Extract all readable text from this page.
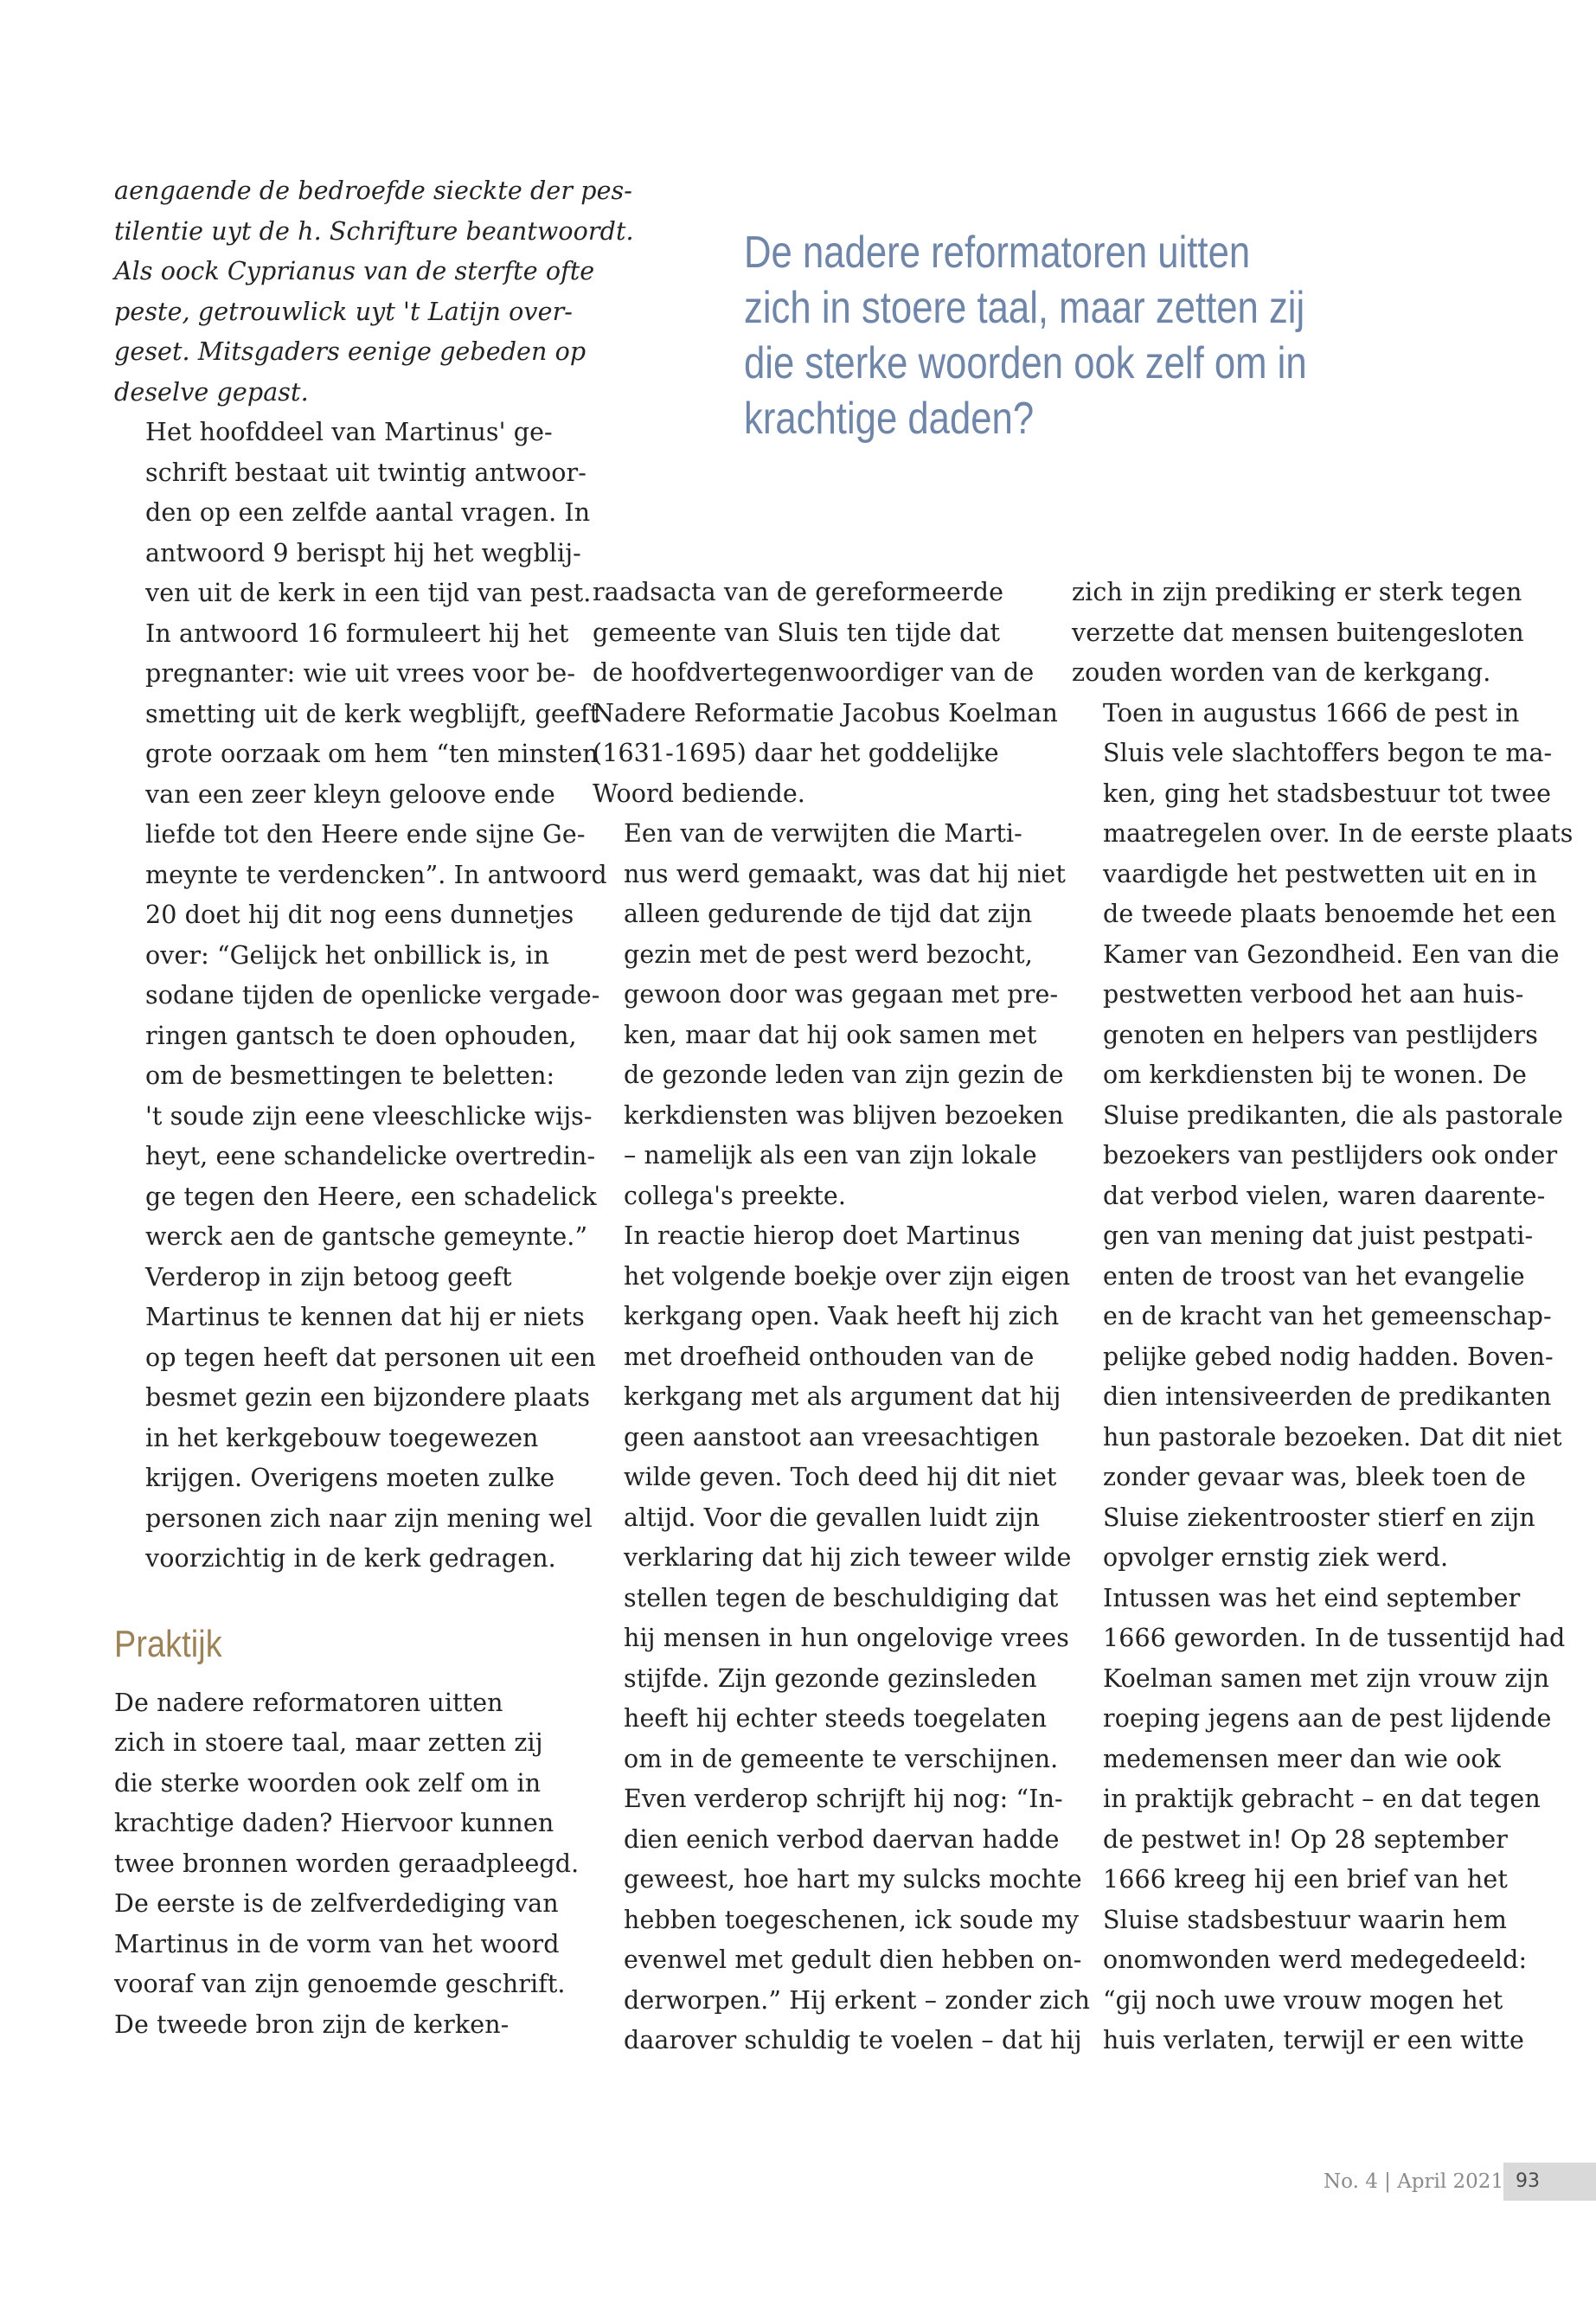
De nadere reformatoren uitten
zich in stoere taal, maar zetten zij
die sterke woorden ook zelf om in
krachtige daden?

aengaende de bedroefde sieckte der pes-
tilentie uyt de h. Schrifture beantwoordt.
Als oock Cyprianus van de sterfte ofte
peste, getrouwlick uyt 't Latijn over-
geset. Mitsgaders eenige gebeden op
deselve gepast.

Het hoofddeel van Martinus' ge-
schrift bestaat uit twintig antwoor-
den op een zelfde aantal vragen. In
antwoord 9 berispt hij het wegblij-
ven uit de kerk in een tijd van pest.
In antwoord 16 formuleert hij het
pregnanter: wie uit vrees voor be-
smetting uit de kerk wegblijft, geeft
grote oorzaak om hem “ten minsten
van een zeer kleyn geloove ende
liefde tot den Heere ende sijne Ge-
meynte te verdencken”. In antwoord
20 doet hij dit nog eens dunnetjes
over: “Gelijck het onbillick is, in
sodane tijden de openlicke vergade-
ringen gantsch te doen ophouden,
om de besmettingen te beletten:
't soude zijn eene vleeschlicke wijs-
heyt, eene schandelicke overtredin-
ge tegen den Heere, een schadelick
werck aen de gantsche gemeynte.”

Verderop in zijn betoog geeft
Martinus te kennen dat hij er niets
op tegen heeft dat personen uit een
besmet gezin een bijzondere plaats
in het kerkgebouw toegewezen
krijgen. Overigens moeten zulke
personen zich naar zijn mening wel
voorzichtig in de kerk gedragen.

Praktijk

De nadere reformatoren uitten
zich in stoere taal, maar zetten zij
die sterke woorden ook zelf om in
krachtige daden? Hiervoor kunnen
twee bronnen worden geraadpleegd.
De eerste is de zelfverdediging van
Martinus in de vorm van het woord
vooraf van zijn genoemde geschrift.
De tweede bron zijn de kerken-

raadsacta van de gereformeerde
gemeente van Sluis ten tijde dat
de hoofdvertegenwoordiger van de
Nadere Reformatie Jacobus Koelman
(1631-1695) daar het goddelijke
Woord bediende.

Een van de verwijten die Marti-
nus werd gemaakt, was dat hij niet
alleen gedurende de tijd dat zijn
gezin met de pest werd bezocht,
gewoon door was gegaan met pre-
ken, maar dat hij ook samen met
de gezonde leden van zijn gezin de
kerkdiensten was blijven bezoeken
– namelijk als een van zijn lokale
collega's preekte.

In reactie hierop doet Martinus
het volgende boekje over zijn eigen
kerkgang open. Vaak heeft hij zich
met droefheid onthouden van de
kerkgang met als argument dat hij
geen aanstoot aan vreesachtigen
wilde geven. Toch deed hij dit niet
altijd. Voor die gevallen luidt zijn
verklaring dat hij zich teweer wilde
stellen tegen de beschuldiging dat
hij mensen in hun ongelovige vrees
stijfde. Zijn gezonde gezinsleden
heeft hij echter steeds toegelaten
om in de gemeente te verschijnen.
Even verderop schrijft hij nog: “In-
dien eenich verbod daervan hadde
geweest, hoe hart my sulcks mochte
hebben toegeschenen, ick soude my
evenwel met gedult dien hebben on-
derworpen.” Hij erkent – zonder zich
daarover schuldig te voelen – dat hij

zich in zijn prediking er sterk tegen
verzette dat mensen buitengesloten
zouden worden van de kerkgang.

Toen in augustus 1666 de pest in
Sluis vele slachtoffers begon te ma-
ken, ging het stadsbestuur tot twee
maatregelen over. In de eerste plaats
vaardigde het pestwetten uit en in
de tweede plaats benoemde het een
Kamer van Gezondheid. Een van die
pestwetten verbood het aan huis-
genoten en helpers van pestlijders
om kerkdiensten bij te wonen. De
Sluise predikanten, die als pastorale
bezoekers van pestlijders ook onder
dat verbod vielen, waren daarente-
gen van mening dat juist pestpati-
enten de troost van het evangelie
en de kracht van het gemeenschap-
pelijke gebed nodig hadden. Boven-
dien intensiveerden de predikanten
hun pastorale bezoeken. Dat dit niet
zonder gevaar was, bleek toen de
Sluise ziekentrooster stierf en zijn
opvolger ernstig ziek werd.

Intussen was het eind september
1666 geworden. In de tussentijd had
Koelman samen met zijn vrouw zijn
roeping jegens aan de pest lijdende
medemensen meer dan wie ook
in praktijk gebracht – en dat tegen
de pestwet in! Op 28 september
1666 kreeg hij een brief van het
Sluise stadsbestuur waarin hem
onomwonden werd medegedeeld:
“gij noch uwe vrouw mogen het
huis verlaten, terwijl er een witte

No. 4 | April 2021 93
